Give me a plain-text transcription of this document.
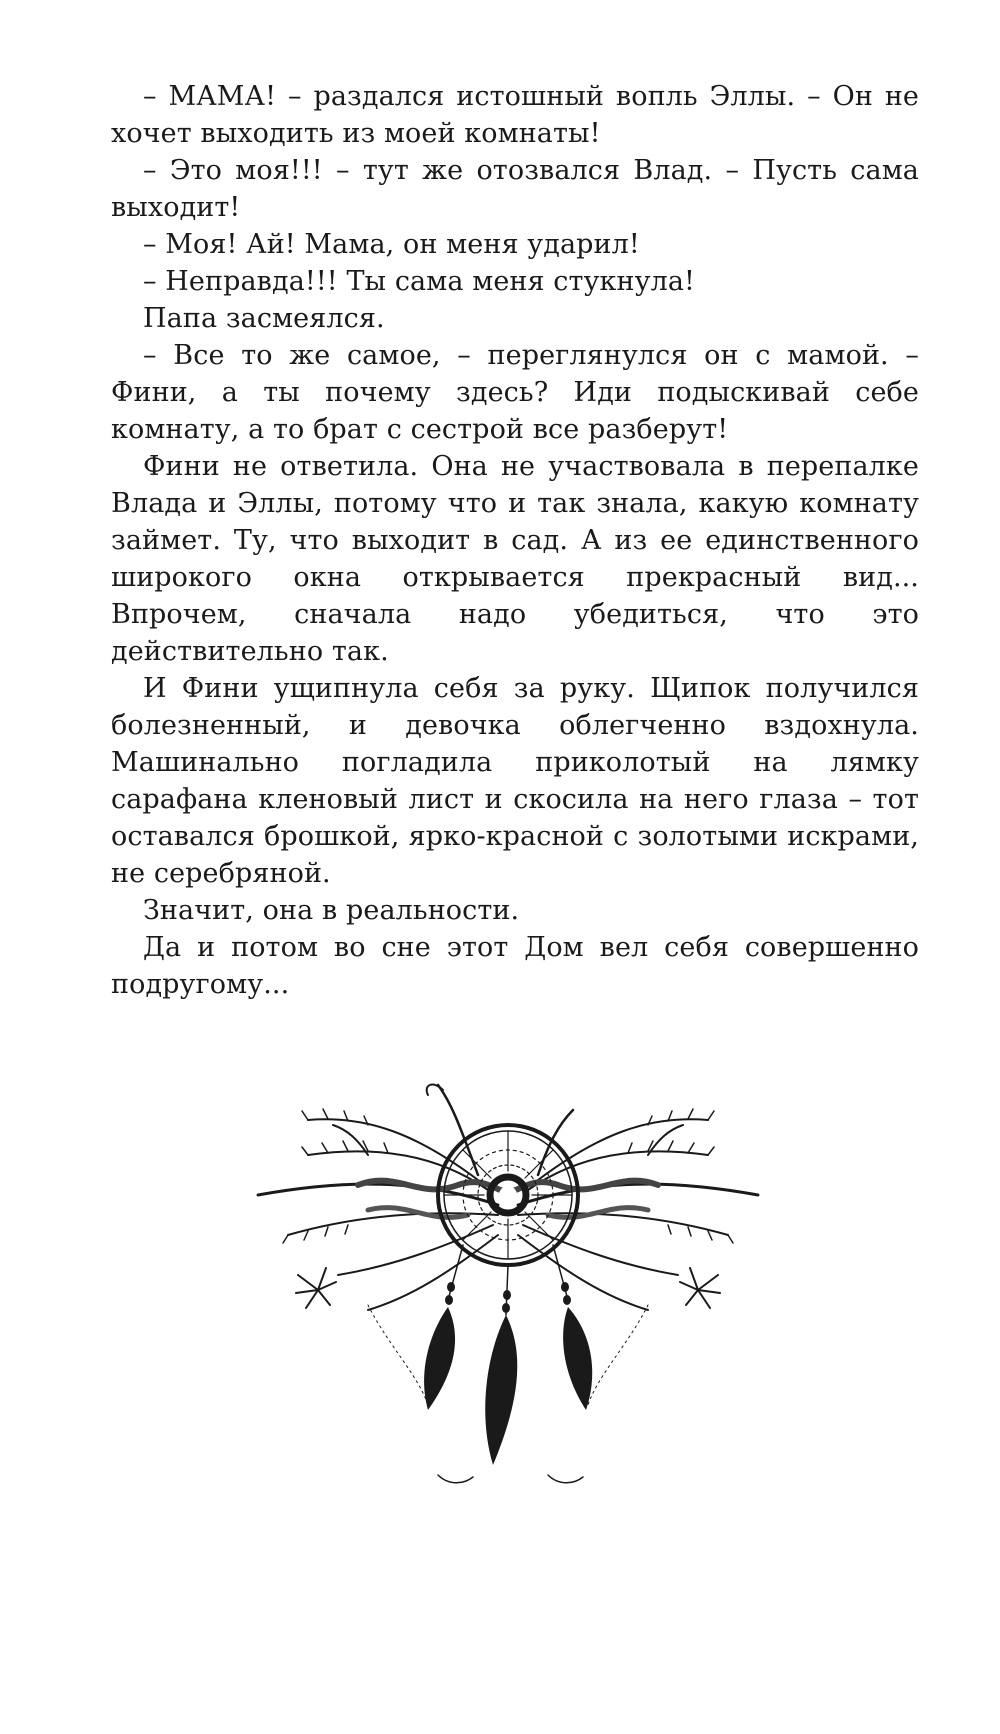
– МАМА! – раздался истошный вопль Эллы. – Он не хочет выходить из моей комнаты!

– Это моя!!! – тут же отозвался Влад. – Пусть сама выходит!

– Моя! Ай! Мама, он меня ударил!

– Неправда!!! Ты сама меня стукнула!

Папа засмеялся.

– Все то же самое, – переглянулся он с мамой. – Фини, а ты почему здесь? Иди подыскивай себе комнату, а то брат с сестрой все разберут!

Фини не ответила. Она не участвовала в перепалке Влада и Эллы, потому что и так знала, какую комнату займет. Ту, что выходит в сад. А из ее единственного широкого окна открывается прекрасный вид... Впрочем, сначала надо убедиться, что это действительно так.

И Фини ущипнула себя за руку. Щипок получился болезненный, и девочка облегченно вздохнула. Машинально погладила приколотый на лямку сарафана кленовый лист и скосила на него глаза – тот оставался брошкой, ярко-красной с золотыми искрами, не серебряной.

Значит, она в реальности.

Да и потом во сне этот Дом вел себя совершенно подругому...
